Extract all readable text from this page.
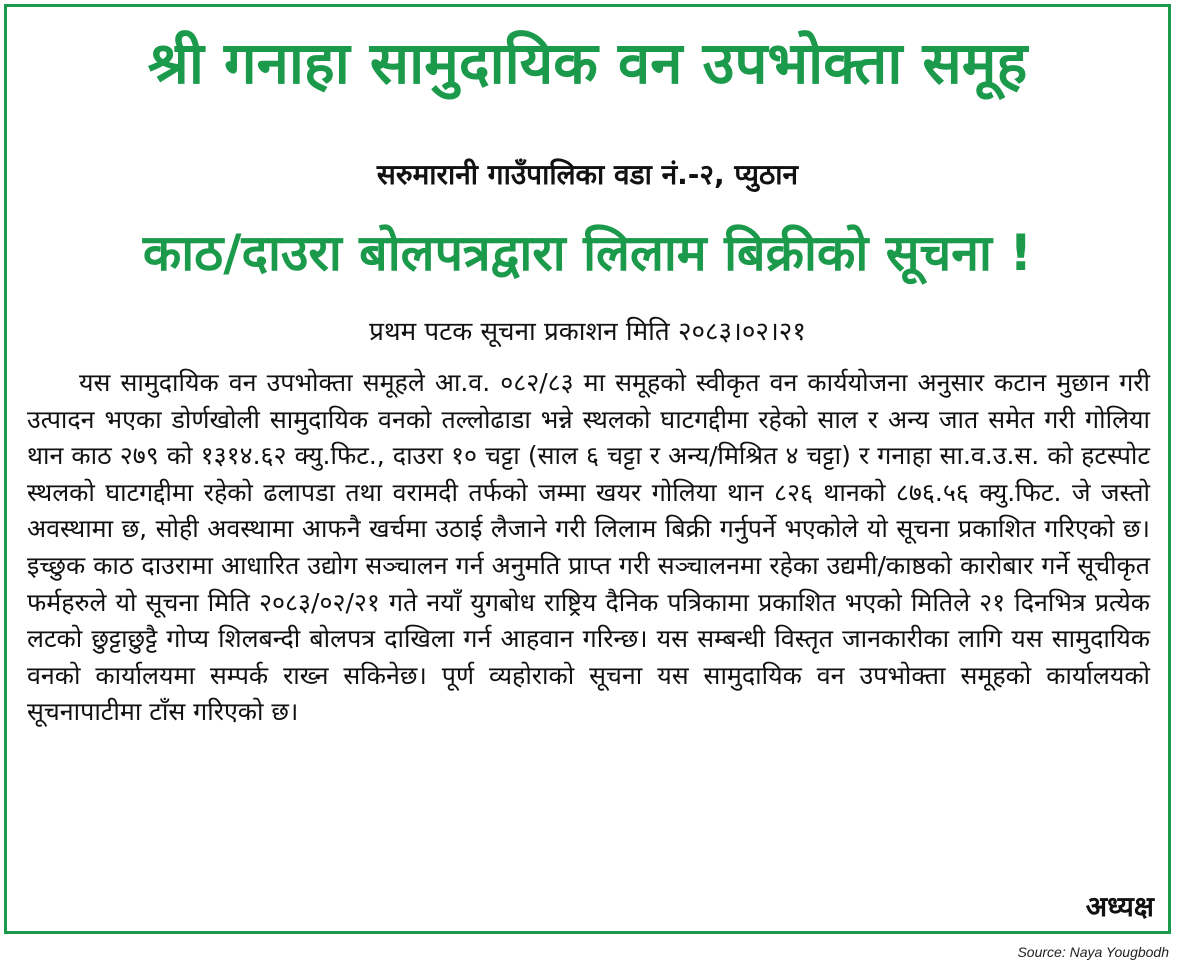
श्री गनाहा सामुदायिक वन उपभोक्ता समूह
सरुमारानी गाउँपालिका वडा नं.-२, प्युठान
काठ/दाउरा बोलपत्रद्वारा लिलाम बिक्रीको सूचना !
प्रथम पटक सूचना प्रकाशन मिति २०८३।०२।२१

यस सामुदायिक वन उपभोक्ता समूहले आ.व. ०८२/८३ मा समूहको स्वीकृत वन कार्ययोजना अनुसार कटान मुछान गरी उत्पादन भएका डोर्णखोली सामुदायिक वनको तल्लोढाडा भन्ने स्थलको घाटगद्दीमा रहेको साल र अन्य जात समेत गरी गोलिया थान काठ २७९ को १३१४.६२ क्यु.फिट., दाउरा १० चट्टा (साल ६ चट्टा र अन्य/मिश्रित ४ चट्टा) र गनाहा सा.व.उ.स. को हटस्पोट स्थलको घाटगद्दीमा रहेको ढलापडा तथा वरामदी तर्फको जम्मा खयर गोलिया थान ८२६ थानको ८७६.५६ क्यु.फिट. जे जस्तो अवस्थामा छ, सोही अवस्थामा आफनै खर्चमा उठाई लैजाने गरी लिलाम बिक्री गर्नुपर्ने भएकोले यो सूचना प्रकाशित गरिएको छ। इच्छुक काठ दाउरामा आधारित उद्योग सञ्चालन गर्न अनुमति प्राप्त गरी सञ्चालनमा रहेका उद्यमी/काष्ठको कारोबार गर्ने सूचीकृत फर्महरुले यो सूचना मिति २०८३/०२/२१ गते नयाँ युगबोध राष्ट्रिय दैनिक पत्रिकामा प्रकाशित भएको मितिले २१ दिनभित्र प्रत्येक लटको छुट्टाछुट्टै गोप्य शिलबन्दी बोलपत्र दाखिला गर्न आहवान गरिन्छ। यस सम्बन्धी विस्तृत जानकारीका लागि यस सामुदायिक वनको कार्यालयमा सम्पर्क राख्न सकिनेछ। पूर्ण व्यहोराको सूचना यस सामुदायिक वन उपभोक्ता समूहको कार्यालयको सूचनापाटीमा टाँस गरिएको छ।

अध्यक्ष
Source: Naya Yougbodh
